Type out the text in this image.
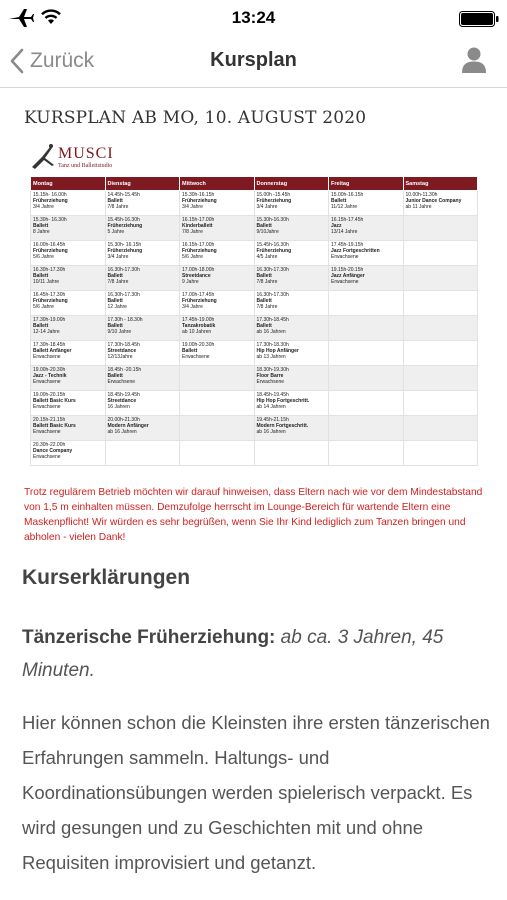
13:24
Zurück	Kursplan
KURSPLAN AB MO, 10. AUGUST 2020
MUSCI
Tanz und Ballettstudio
Montag	Dienstag	Mittwoch	Donnerstag	Freitag	Samstag

15.15h- 16.00h
Früherziehung
3/4 Jahre	14.45h-15.45h
Ballett
7/8 Jahre	15.30h-16.15h
Früherziehung
3/4 Jahre	15.00h -15.45h
Früherziehung
3/4 Jahre	15.00h-16.15h
Ballett
11/12 Jahre	10.00h-11.30h
Junior Dance Company
ab 11 Jahre

15.30h- 16.30h
Ballett
8 Jahre	15.45h-16.30h
Früherziehung
5 Jahre	16.15h-17.00h
Kinderballett
7/8 Jahre	15.30h-16.30h
Ballett
9/10Jahre	16.15h-17.45h
Jazz
13/14 Jahre	

16.00h-16.45h
Früherziehung
5/6 Jahre	15.30h- 16.15h
Früherziehung
3/4 Jahre	16.15h-17.00h
Früherziehung
5/6 Jahre	15.45h-16.30h
Früherziehung
4/5 Jahre	17.45h-19.15h
Jazz Fortgeschritten
Erwachsene	

16.30h-17.30h
Ballett
10/11 Jahre	16.30h-17.30h
Ballett
7/8 Jahre	17.00h-18.00h
Streetdance
9 Jahre	16.30h-17.30h
Ballett
7/8 Jahre	19.15h-20.15h
Jazz Anfänger
Erwachsene	

16.45h-17.30h
Früherziehung
5/6 Jahre	16.30h-17.30h
Ballett
12 Jahre	17.00h-17.45h
Früherziehung
3/4 Jahre	16.30h-17.30h
Ballett
7/8 Jahre		

17.30h-19.00h
Ballett
12-14 Jahre	17.30h - 18.30h
Ballett
9/10 Jahre	17.45h-19.00h
Tanzakrobatik
ab 10 Jahren	17.30h-18.45h
Ballett
ab 16 Jahren		

17.30h-18.45h
Ballett Anfänger
Erwachsene	17.30h-18.45h
Streetdance
12/13Jahre	19.00h-20.30h
Ballett
Erwachsene	17.30h-18.30h
Hip Hop Anfänger
ab 13 Jahren		

19.00h-20.30h
Jazz - Technik
Erwachsene	18.45h -20.15h
Ballett
Erwachsene		18.30h-19.30h
Floor Barre
Erwachsene		

19.00h-20.15h
Ballett Basic Kurs
Erwachsene	18.45h-19.45h
Streetdance
16 Jahren		18.45h-19.45h
Hip Hop Fortgeschritt.
ab 14 Jahren		

20.15h-21.15h
Ballett Basic Kurs
Erwachsene	20.00h-21.30h
Modern Anfänger
ab 16 Jahren		19.45h-21.15h
Modern Fortgeschritt.
ab 16 Jahren		

20.30h-22.00h
Dance Company
Erwachsene					

Trotz regulärem Betrieb möchten wir darauf hinweisen, dass Eltern nach wie vor dem Mindestabstand von 1,5 m einhalten müssen. Demzufolge herrscht im Lounge-Bereich für wartende Eltern eine Maskenpflicht! Wir würden es sehr begrüßen, wenn Sie Ihr Kind lediglich zum Tanzen bringen und abholen - vielen Dank!
Kurserklärungen
Tänzerische Früherziehung: ab ca. 3 Jahren, 45 Minuten.
Hier können schon die Kleinsten ihre ersten tänzerischen Erfahrungen sammeln. Haltungs- und Koordinationsübungen werden spielerisch verpackt. Es wird gesungen und zu Geschichten mit und ohne Requisiten improvisiert und getanzt.
